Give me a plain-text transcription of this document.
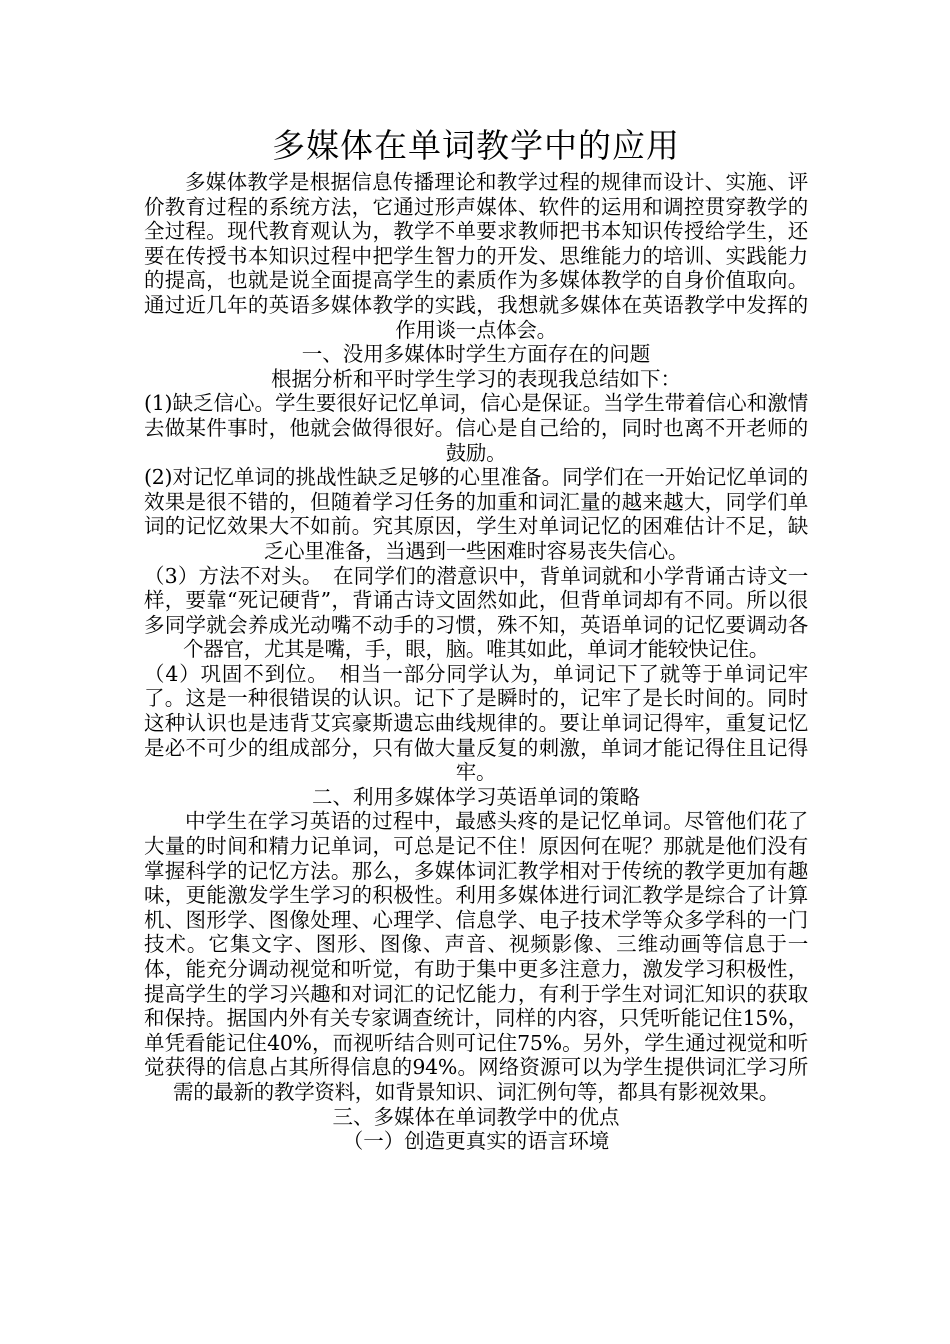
多媒体在单词教学中的应用

多媒体教学是根据信息传播理论和教学过程的规律而设计、实施、评价教育过程的系统方法，它通过形声媒体、软件的运用和调控贯穿教学的全过程。现代教育观认为，教学不单要求教师把书本知识传授给学生，还要在传授书本知识过程中把学生智力的开发、思维能力的培训、实践能力的提高，也就是说全面提高学生的素质作为多媒体教学的自身价值取向。通过近几年的英语多媒体教学的实践，我想就多媒体在英语教学中发挥的作用谈一点体会。

一、没用多媒体时学生方面存在的问题

根据分析和平时学生学习的表现我总结如下：

(1)缺乏信心。学生要很好记忆单词，信心是保证。当学生带着信心和激情去做某件事时，他就会做得很好。信心是自己给的，同时也离不开老师的鼓励。

(2)对记忆单词的挑战性缺乏足够的心里准备。同学们在一开始记忆单词的效果是很不错的，但随着学习任务的加重和词汇量的越来越大，同学们单词的记忆效果大不如前。究其原因，学生对单词记忆的困难估计不足，缺乏心里准备，当遇到一些困难时容易丧失信心。

（3）方法不对头。　在同学们的潜意识中，背单词就和小学背诵古诗文一样，要靠“死记硬背”，背诵古诗文固然如此，但背单词却有不同。所以很多同学就会养成光动嘴不动手的习惯，殊不知，英语单词的记忆要调动各个器官，尤其是嘴，手，眼，脑。唯其如此，单词才能较快记住。

（4）巩固不到位。　相当一部分同学认为，单词记下了就等于单词记牢了。这是一种很错误的认识。记下了是瞬时的，记牢了是长时间的。同时这种认识也是违背艾宾豪斯遗忘曲线规律的。要让单词记得牢，重复记忆是必不可少的组成部分，只有做大量反复的刺激，单词才能记得住且记得牢。

二、利用多媒体学习英语单词的策略

中学生在学习英语的过程中，最感头疼的是记忆单词。尽管他们花了大量的时间和精力记单词，可总是记不住！原因何在呢？那就是他们没有掌握科学的记忆方法。那么，多媒体词汇教学相对于传统的教学更加有趣味，更能激发学生学习的积极性。利用多媒体进行词汇教学是综合了计算机、图形学、图像处理、心理学、信息学、电子技术学等众多学科的一门技术。它集文字、图形、图像、声音、视频影像、三维动画等信息于一体，能充分调动视觉和听觉，有助于集中更多注意力，激发学习积极性，提高学生的学习兴趣和对词汇的记忆能力，有利于学生对词汇知识的获取和保持。据国内外有关专家调查统计，同样的内容，只凭听能记住15%，单凭看能记住40%，而视听结合则可记住75%。另外，学生通过视觉和听觉获得的信息占其所得信息的94%。网络资源可以为学生提供词汇学习所需的最新的教学资料，如背景知识、词汇例句等，都具有影视效果。

三、多媒体在单词教学中的优点

（一）创造更真实的语言环境
